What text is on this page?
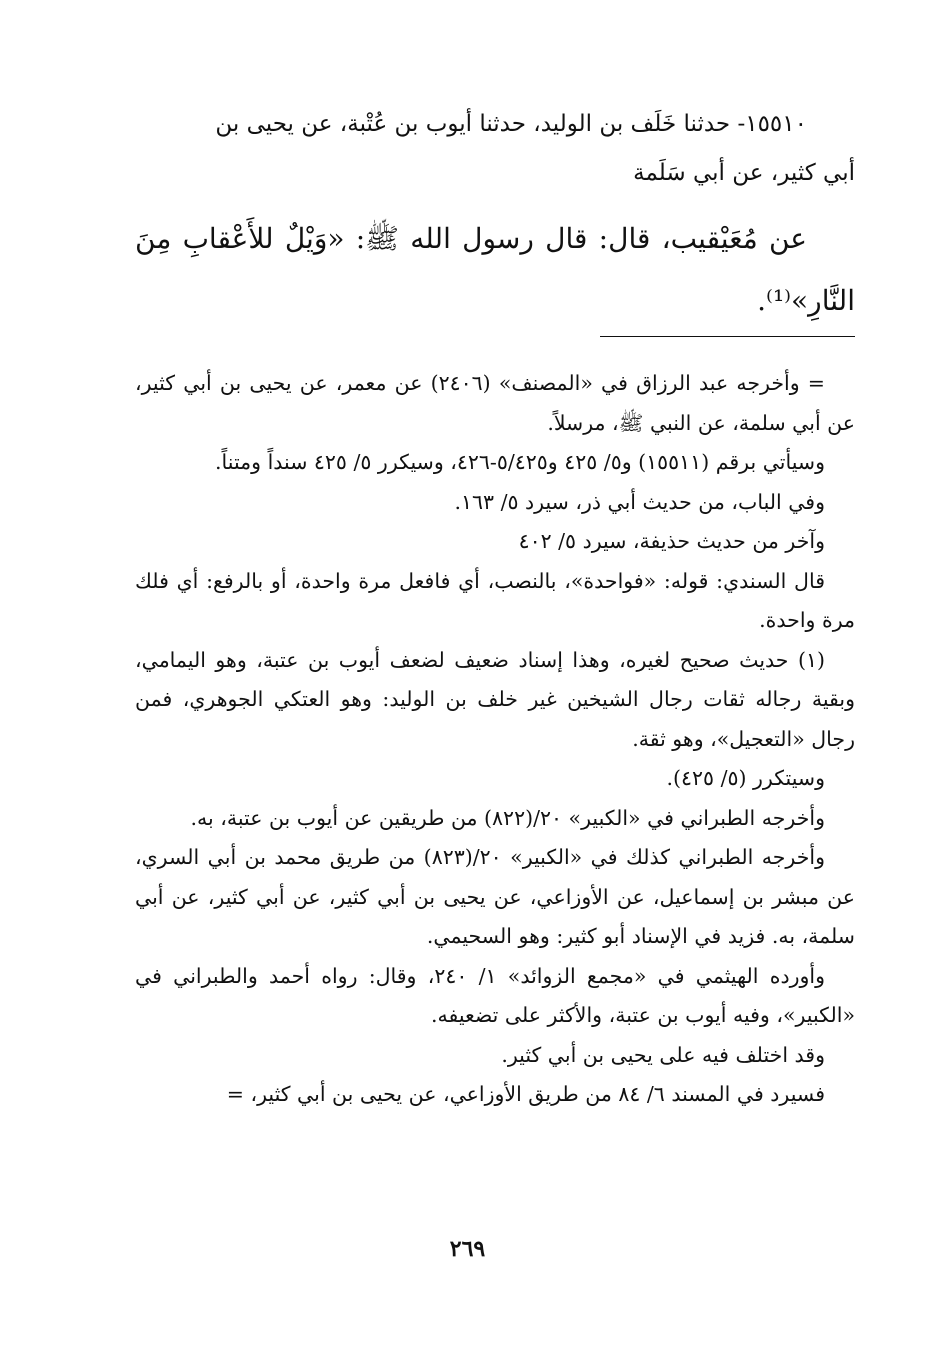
١٥٥١٠- حدثنا خَلَف بن الوليد، حدثنا أيوب بن عُتْبة، عن يحيى بن

أبي كثير، عن أبي سَلَمة

عن مُعَيْقيب، قال: قال رسول الله ﷺ: «وَيْلٌ للأَعْقابِ مِنَ النَّارِ»⁽¹⁾.

= وأخرجه عبد الرزاق في «المصنف» (٢٤٠٦) عن معمر، عن يحيى بن أبي كثير، عن أبي سلمة، عن النبي ﷺ، مرسلاً.

وسيأتي برقم (١٥٥١١) و٥/ ٤٢٥ و٥/٤٢٥-٤٢٦، وسيكرر ٥/ ٤٢٥ سنداً ومتناً.

وفي الباب، من حديث أبي ذر، سيرد ٥/ ١٦٣.

وآخر من حديث حذيفة، سيرد ٥/ ٤٠٢

قال السندي: قوله: «فواحدة»، بالنصب، أي فافعل مرة واحدة، أو بالرفع: أي فلك مرة واحدة.

(١) حديث صحيح لغيره، وهذا إسناد ضعيف لضعف أيوب بن عتبة، وهو اليمامي، وبقية رجاله ثقات رجال الشيخين غير خلف بن الوليد: وهو العتكي الجوهري، فمن رجال «التعجيل»، وهو ثقة.

وسيتكرر (٥/ ٤٢٥).

وأخرجه الطبراني في «الكبير» ٢٠/(٨٢٢) من طريقين عن أيوب بن عتبة، به.

وأخرجه الطبراني كذلك في «الكبير» ٢٠/(٨٢٣) من طريق محمد بن أبي السري، عن مبشر بن إسماعيل، عن الأوزاعي، عن يحيى بن أبي كثير، عن أبي كثير، عن أبي سلمة، به. فزيد في الإسناد أبو كثير: وهو السحيمي.

وأورده الهيثمي في «مجمع الزوائد» ١/ ٢٤٠، وقال: رواه أحمد والطبراني في «الكبير»، وفيه أيوب بن عتبة، والأكثر على تضعيفه.

وقد اختلف فيه على يحيى بن أبي كثير.

فسيرد في المسند ٦/ ٨٤ من طريق الأوزاعي، عن يحيى بن أبي كثير، =

٢٦٩
